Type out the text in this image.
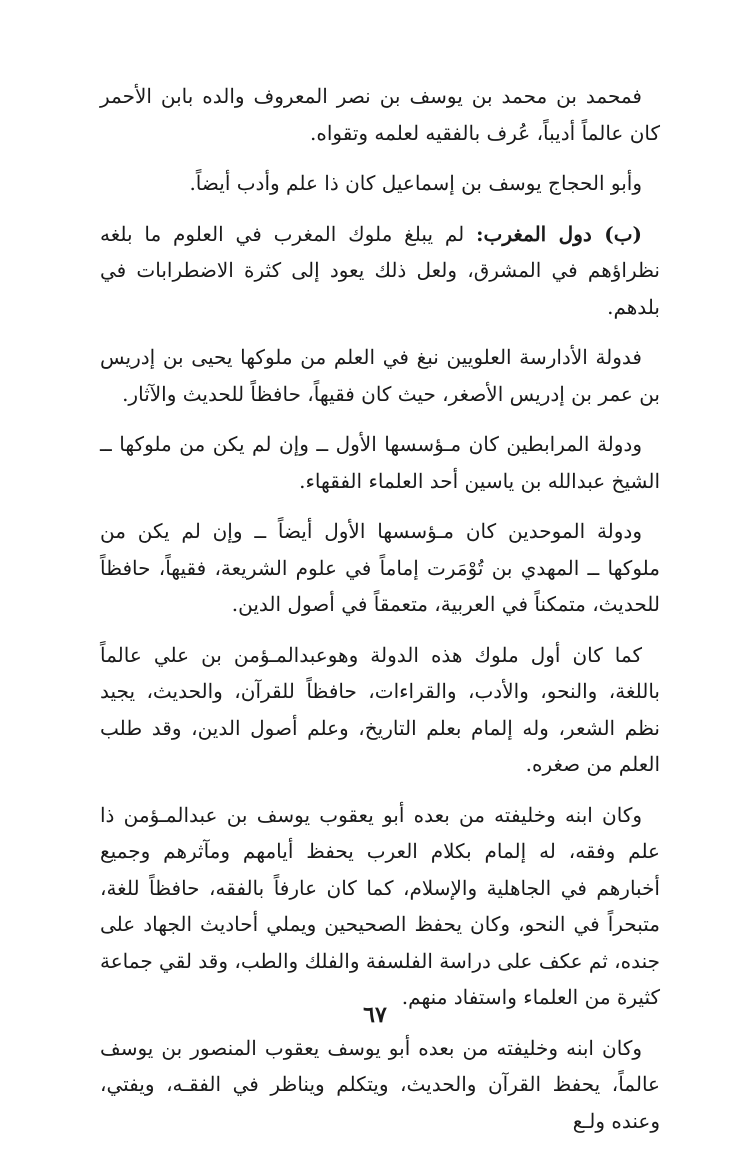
فمحمد بن محمد بن يوسف بن نصر المعروف والده بابن الأحمر كان عالماً أديباً، عُرف بالفقيه لعلمه وتقواه.

وأبو الحجاج يوسف بن إسماعيل كان ذا علم وأدب أيضاً.

(ب) دول المغرب: لم يبلغ ملوك المغرب في العلوم ما بلغه نظراؤهم في المشرق، ولعل ذلك يعود إلى كثرة الاضطرابات في بلدهم.

فدولة الأدارسة العلويين نبغ في العلم من ملوكها يحيى بن إدريس بن عمر بن إدريس الأصغر، حيث كان فقيهاً، حافظاً للحديث والآثار.

ودولة المرابطين كان مـؤسسها الأول ــ وإن لم يكن من ملوكها ــ الشيخ عبدالله بن ياسين أحد العلماء الفقهاء.

ودولة الموحدين كان مـؤسسها الأول أيضاً ــ وإن لم يكن من ملوكها ــ المهدي بن تُوْمَرت إماماً في علوم الشريعة، فقيهاً، حافظاً للحديث، متمكناً في العربية، متعمقاً في أصول الدين.

كما كان أول ملوك هذه الدولة وهوعبدالمـؤمن بن علي عالماً باللغة، والنحو، والأدب، والقراءات، حافظاً للقرآن، والحديث، يجيد نظم الشعر، وله إلمام بعلم التاريخ، وعلم أصول الدين، وقد طلب العلم من صغره.

وكان ابنه وخليفته من بعده أبو يعقوب يوسف بن عبدالمـؤمن ذا علم وفقه، له إلمام بكلام العرب يحفظ أيامهم ومآثرهم وجميع أخبارهم في الجاهلية والإسلام، كما كان عارفاً بالفقه، حافظاً للغة، متبحراً في النحو، وكان يحفظ الصحيحين ويملي أحاديث الجهاد على جنده، ثم عكف على دراسة الفلسفة والفلك والطب، وقد لقي جماعة كثيرة من العلماء واستفاد منهم.

وكان ابنه وخليفته من بعده أبو يوسف يعقوب المنصور بن يوسف عالماً، يحفظ القرآن والحديث، ويتكلم ويناظر في الفقـه، ويفتي، وعنده ولـع

٦٧
